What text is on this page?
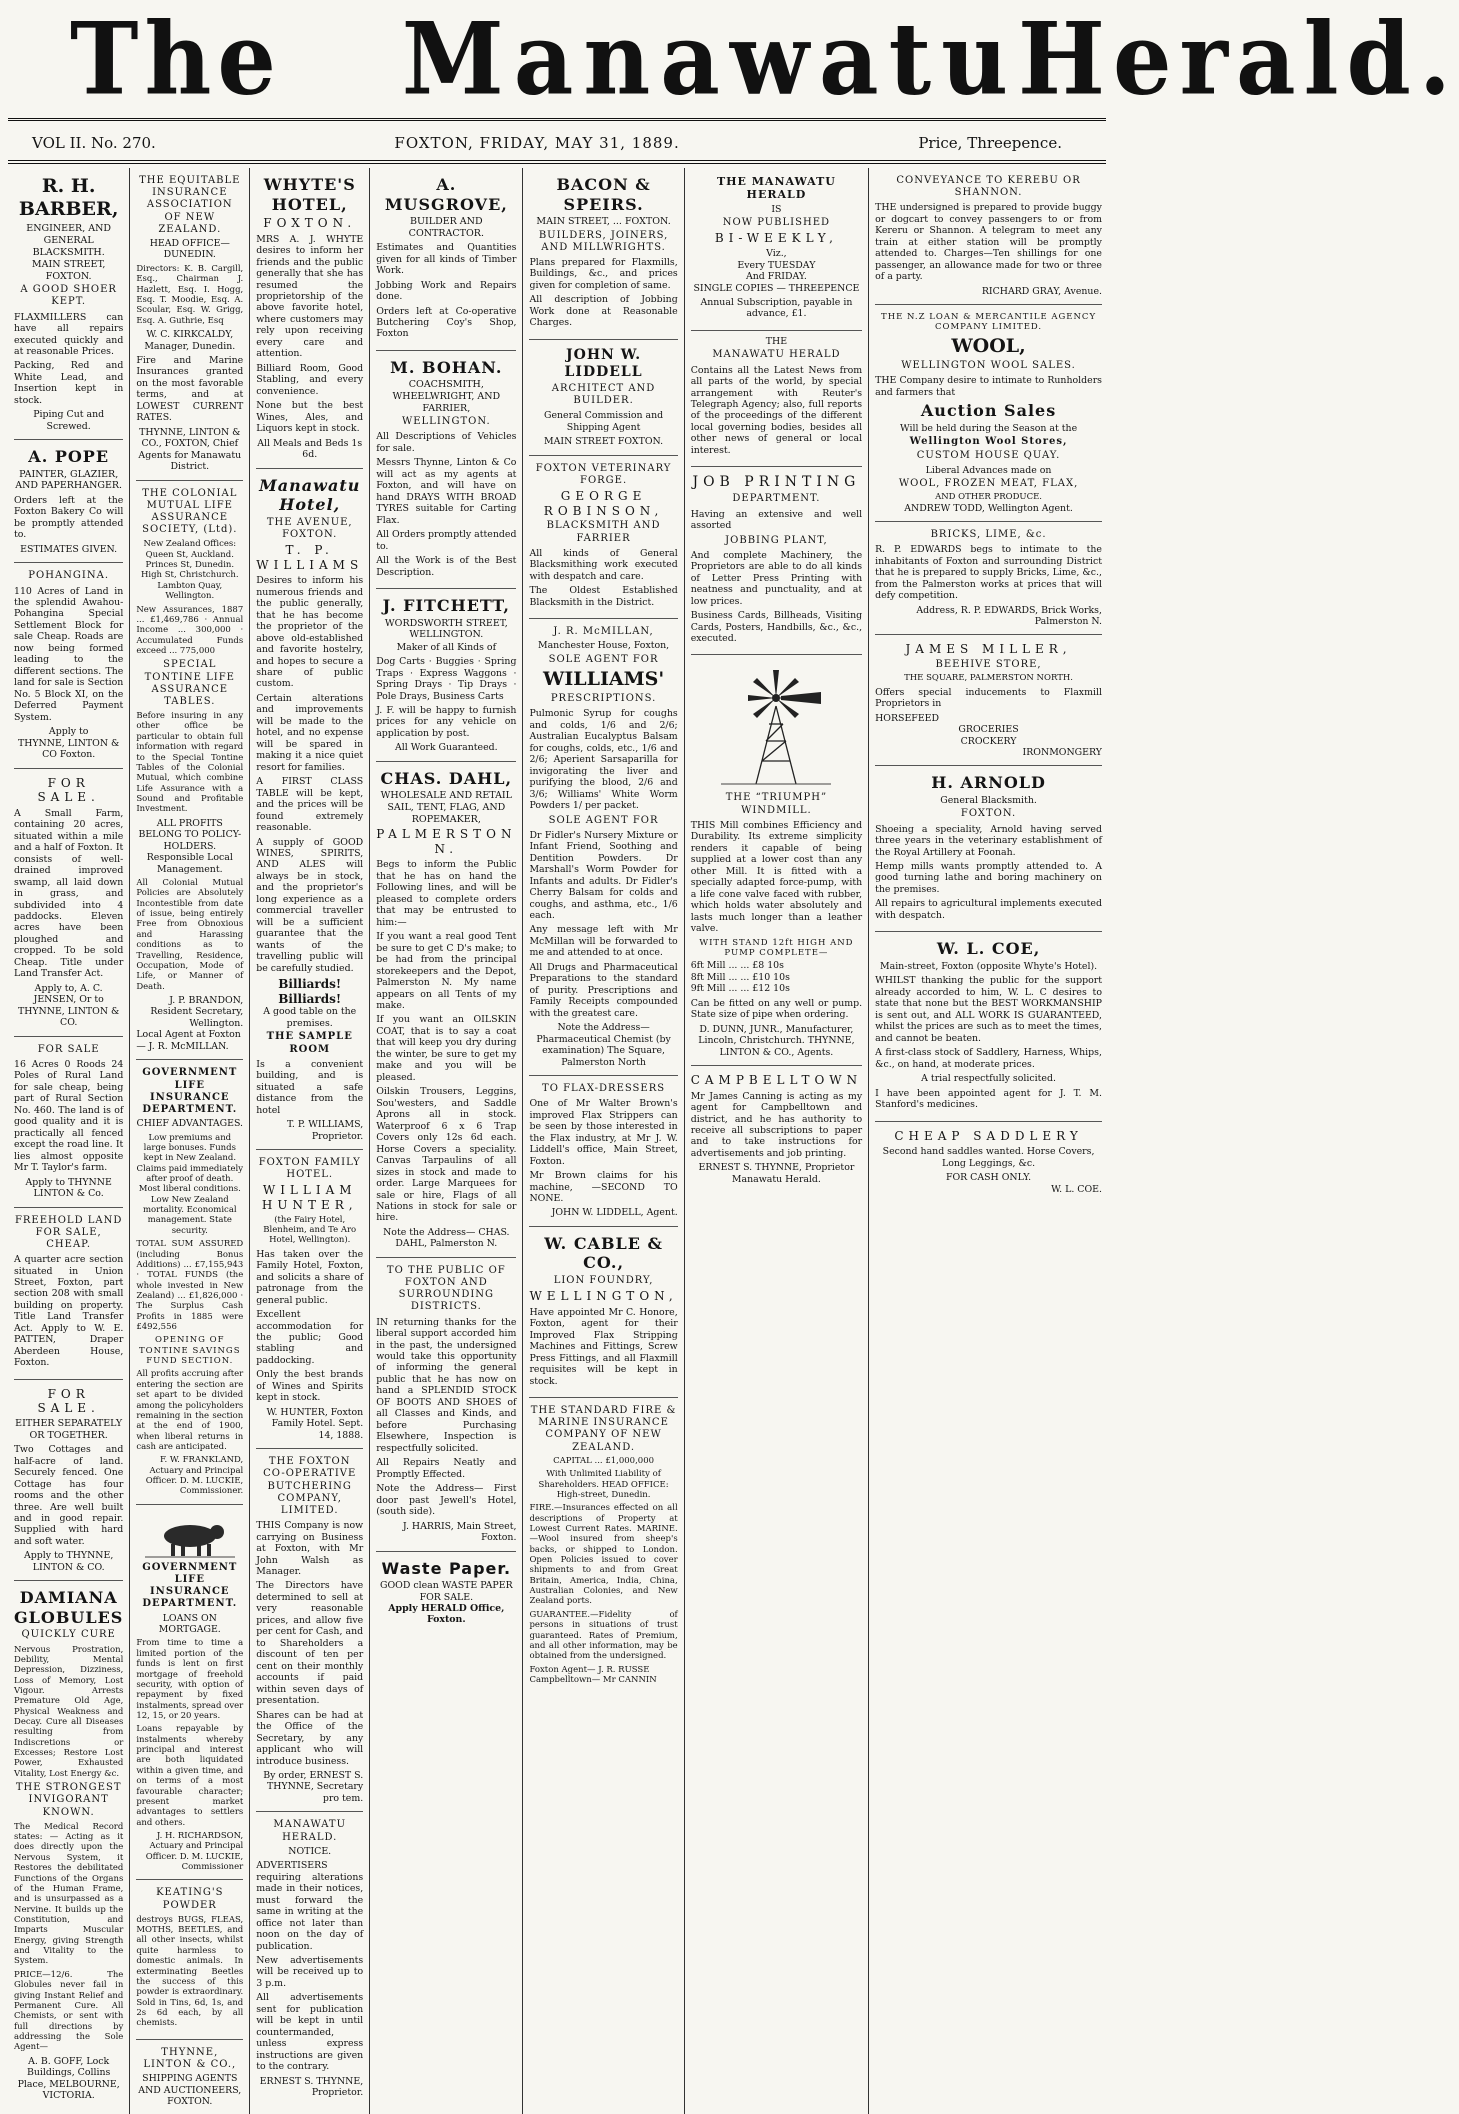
The Manawatu Herald.
VOL II. No. 270.	FOXTON, FRIDAY, MAY 31, 1889.	Price, Threepence.
R. H. BARBER,
ENGINEER, AND GENERAL BLACKSMITH.
MAIN STREET, FOXTON.
A GOOD SHOER KEPT.

FLAXMILLERS can have all repairs executed quickly and at reasonable Prices.

Packing, Red and White Lead, and Insertion kept in stock.

Piping Cut and Screwed.
A. POPE
PAINTER, GLAZIER, AND PAPERHANGER.

Orders left at the Foxton Bakery Co will be promptly attended to.

ESTIMATES GIVEN.
POHANGINA.

110 Acres of Land in the splendid Awahou-Pohangina Special Settlement Block for sale Cheap. Roads are now being formed leading to the different sections. The land for sale is Section No. 5 Block XI, on the Deferred Payment System.

Apply to
THYNNE, LINTON & CO Foxton.
FOR SALE.

A Small Farm, containing 20 acres, situated within a mile and a half of Foxton. It consists of well-drained improved swamp, all laid down in grass, and subdivided into 4 paddocks. Eleven acres have been ploughed and cropped. To be sold Cheap. Title under Land Transfer Act.

Apply to, A. C. JENSEN, Or to THYNNE, LINTON & CO.
FOR SALE

16 Acres 0 Roods 24 Poles of Rural Land for sale cheap, being part of Rural Section No. 460. The land is of good quality and it is practically all fenced except the road line. It lies almost opposite Mr T. Taylor's farm.

Apply to THYNNE LINTON & Co.
FREEHOLD LAND FOR SALE, CHEAP.

A quarter acre section situated in Union Street, Foxton, part section 208 with small building on property. Title Land Transfer Act. Apply to W. E. PATTEN, Draper Aberdeen House, Foxton.

FOR SALE.
EITHER SEPARATELY OR TOGETHER.

Two Cottages and half-acre of land. Securely fenced. One Cottage has four rooms and the other three. Are well built and in good repair. Supplied with hard and soft water.

Apply to THYNNE, LINTON & CO.
DAMIANA GLOBULES
QUICKLY CURE

Nervous Prostration, Debility, Mental Depression, Dizziness, Loss of Memory, Lost Vigour. Arrests Premature Old Age, Physical Weakness and Decay. Cure all Diseases resulting from Indiscretions or Excesses; Restore Lost Power, Exhausted Vitality, Lost Energy &c.

THE STRONGEST INVIGORANT KNOWN.

The Medical Record states: — Acting as it does directly upon the Nervous System, it Restores the debilitated Functions of the Organs of the Human Frame, and is unsurpassed as a Nervine. It builds up the Constitution, and Imparts Muscular Energy, giving Strength and Vitality to the System.

PRICE—12/6. The Globules never fail in giving Instant Relief and Permanent Cure. All Chemists, or sent with full directions by addressing the Sole Agent—

A. B. GOFF, Lock Buildings, Collins Place, MELBOURNE, VICTORIA.
THE EQUITABLE INSURANCE ASSOCIATION OF NEW ZEALAND.
HEAD OFFICE—DUNEDIN.

Directors: K. B. Cargill, Esq., Chairman J. Hazlett, Esq. I. Hogg, Esq. T. Moodie, Esq. A. Scoular, Esq. W. Grigg, Esq. A. Guthrie, Esq

W. C. KIRKCALDY, Manager, Dunedin.

Fire and Marine Insurances granted on the most favorable terms, and at LOWEST CURRENT RATES.

THYNNE, LINTON & CO., FOXTON, Chief Agents for Manawatu District.
THE COLONIAL MUTUAL LIFE ASSURANCE SOCIETY, (Ltd).

New Zealand Offices: Queen St, Auckland. Princes St, Dunedin. High St, Christchurch. Lambton Quay, Wellington.

New Assurances, 1887 ... £1,469,786 · Annual Income ... 300,000 · Accumulated Funds exceed ... 775,000

SPECIAL TONTINE LIFE ASSURANCE TABLES.

Before insuring in any other office be particular to obtain full information with regard to the Special Tontine Tables of the Colonial Mutual, which combine Life Assurance with a Sound and Profitable Investment.

ALL PROFITS BELONG TO POLICY-HOLDERS.
Responsible Local Management.

All Colonial Mutual Policies are Absolutely Incontestible from date of issue, being entirely Free from Obnoxious and Harassing conditions as to Travelling, Residence, Occupation, Mode of Life, or Manner of Death.

J. P. BRANDON, Resident Secretary, Wellington.
Local Agent at Foxton— J. R. McMILLAN.
GOVERNMENT LIFE INSURANCE DEPARTMENT.
CHIEF ADVANTAGES.

Low premiums and large bonuses. Funds kept in New Zealand. Claims paid immediately after proof of death. Most liberal conditions. Low New Zealand mortality. Economical management. State security.

TOTAL SUM ASSURED (including Bonus Additions) ... £7,155,943 · TOTAL FUNDS (the whole invested in New Zealand) ... £1,826,000 · The Surplus Cash Profits in 1885 were £492,556

OPENING OF TONTINE SAVINGS FUND SECTION.

All profits accruing after entering the section are set apart to be divided among the policyholders remaining in the section at the end of 1900, when liberal returns in cash are anticipated.

F. W. FRANKLAND, Actuary and Principal Officer. D. M. LUCKIE, Commissioner.
GOVERNMENT LIFE INSURANCE DEPARTMENT.
LOANS ON MORTGAGE.

From time to time a limited portion of the funds is lent on first mortgage of freehold security, with option of repayment by fixed instalments, spread over 12, 15, or 20 years.

Loans repayable by instalments whereby principal and interest are both liquidated within a given time, and on terms of a most favourable character; present market advantages to settlers and others.

J. H. RICHARDSON, Actuary and Principal Officer. D. M. LUCKIE, Commissioner
KEATING'S POWDER

destroys BUGS, FLEAS, MOTHS, BEETLES, and all other insects, whilst quite harmless to domestic animals. In exterminating Beetles the success of this powder is extraordinary. Sold in Tins, 6d, 1s, and 2s 6d each, by all chemists.

THYNNE, LINTON & CO.,
SHIPPING AGENTS AND AUCTIONEERS, FOXTON.
WHYTE'S HOTEL,
FOXTON.

MRS A. J. WHYTE desires to inform her friends and the public generally that she has resumed the proprietorship of the above favorite hotel, where customers may rely upon receiving every care and attention.

Billiard Room, Good Stabling, and every convenience.

None but the best Wines, Ales, and Liquors kept in stock.

All Meals and Beds 1s 6d.
Manawatu Hotel,
THE AVENUE, FOXTON.
T. P. WILLIAMS

Desires to inform his numerous friends and the public generally, that he has become the proprietor of the above old-established and favorite hostelry, and hopes to secure a share of public custom.

Certain alterations and improvements will be made to the hotel, and no expense will be spared in making it a nice quiet resort for families.

A FIRST CLASS TABLE will be kept, and the prices will be found extremely reasonable.

A supply of GOOD WINES, SPIRITS, AND ALES will always be in stock, and the proprietor's long experience as a commercial traveller will be a sufficient guarantee that the wants of the travelling public will be carefully studied.

Billiards! Billiards!
A good table on the premises.
THE SAMPLE ROOM

Is a convenient building, and is situated a safe distance from the hotel

T. P. WILLIAMS, Proprietor.
FOXTON FAMILY HOTEL.
WILLIAM HUNTER,
(the Fairy Hotel, Blenheim, and Te Aro Hotel, Wellington).

Has taken over the Family Hotel, Foxton, and solicits a share of patronage from the general public.

Excellent accommodation for the public; Good stabling and paddocking.

Only the best brands of Wines and Spirits kept in stock.

W. HUNTER, Foxton Family Hotel. Sept. 14, 1888.
THE FOXTON CO-OPERATIVE BUTCHERING COMPANY, LIMITED.

THIS Company is now carrying on Business at Foxton, with Mr John Walsh as Manager.

The Directors have determined to sell at very reasonable prices, and allow five per cent for Cash, and to Shareholders a discount of ten per cent on their monthly accounts if paid within seven days of presentation.

Shares can be had at the Office of the Secretary, by any applicant who will introduce business.

By order, ERNEST S. THYNNE, Secretary pro tem.
MANAWATU HERALD.
NOTICE.

ADVERTISERS requiring alterations made in their notices, must forward the same in writing at the office not later than noon on the day of publication.

New advertisements will be received up to 3 p.m.

All advertisements sent for publication will be kept in until countermanded, unless express instructions are given to the contrary.

ERNEST S. THYNNE, Proprietor.
A. MUSGROVE,
BUILDER AND CONTRACTOR.

Estimates and Quantities given for all kinds of Timber Work.

Jobbing Work and Repairs done.

Orders left at Co-operative Butchering Coy's Shop, Foxton

M. BOHAN.
COACHSMITH, WHEELWRIGHT, AND FARRIER,
WELLINGTON.

All Descriptions of Vehicles for sale.

Messrs Thynne, Linton & Co will act as my agents at Foxton, and will have on hand DRAYS WITH BROAD TYRES suitable for Carting Flax.

All Orders promptly attended to.

All the Work is of the Best Description.

J. FITCHETT,
WORDSWORTH STREET, WELLINGTON.
Maker of all Kinds of

Dog Carts · Buggies · Spring Traps · Express Waggons · Spring Drays · Tip Drays · Pole Drays, Business Carts

J. F. will be happy to furnish prices for any vehicle on application by post.

All Work Guaranteed.
CHAS. DAHL,
WHOLESALE AND RETAIL SAIL, TENT, FLAG, AND ROPEMAKER,
PALMERSTON N.

Begs to inform the Public that he has on hand the Following lines, and will be pleased to complete orders that may be entrusted to him:—

If you want a real good Tent be sure to get C D's make; to be had from the principal storekeepers and the Depot, Palmerston N. My name appears on all Tents of my make.

If you want an OILSKIN COAT, that is to say a coat that will keep you dry during the winter, be sure to get my make and you will be pleased.

Oilskin Trousers, Leggins, Sou'westers, and Saddle Aprons all in stock. Waterproof 6 x 6 Trap Covers only 12s 6d each. Horse Covers a speciality. Canvas Tarpaulins of all sizes in stock and made to order. Large Marquees for sale or hire, Flags of all Nations in stock for sale or hire.

Note the Address— CHAS. DAHL, Palmerston N.
TO THE PUBLIC OF FOXTON AND SURROUNDING DISTRICTS.

IN returning thanks for the liberal support accorded him in the past, the undersigned would take this opportunity of informing the general public that he has now on hand a SPLENDID STOCK OF BOOTS AND SHOES of all Classes and Kinds, and before Purchasing Elsewhere, Inspection is respectfully solicited.

All Repairs Neatly and Promptly Effected.

Note the Address— First door past Jewell's Hotel, (south side).

J. HARRIS, Main Street, Foxton.
Waste Paper.
GOOD clean WASTE PAPER FOR SALE.
Apply HERALD Office, Foxton.
BACON & SPEIRS.
MAIN STREET, ... FOXTON.
BUILDERS, JOINERS, AND MILLWRIGHTS.

Plans prepared for Flaxmills, Buildings, &c., and prices given for completion of same.

All description of Jobbing Work done at Reasonable Charges.

JOHN W. LIDDELL
ARCHITECT AND BUILDER.

General Commission and Shipping Agent

MAIN STREET FOXTON.
FOXTON VETERINARY FORGE.
GEORGE ROBINSON,
BLACKSMITH AND FARRIER

All kinds of General Blacksmithing work executed with despatch and care.

The Oldest Established Blacksmith in the District.

J. R. McMILLAN,
Manchester House, Foxton,
SOLE AGENT FOR
WILLIAMS'
PRESCRIPTIONS.

Pulmonic Syrup for coughs and colds, 1/6 and 2/6; Australian Eucalyptus Balsam for coughs, colds, etc., 1/6 and 2/6; Aperient Sarsaparilla for invigorating the liver and purifying the blood, 2/6 and 3/6; Williams' White Worm Powders 1/ per packet.

SOLE AGENT FOR

Dr Fidler's Nursery Mixture or Infant Friend, Soothing and Dentition Powders. Dr Marshall's Worm Powder for Infants and adults. Dr Fidler's Cherry Balsam for colds and coughs, and asthma, etc., 1/6 each.

Any message left with Mr McMillan will be forwarded to me and attended to at once.

All Drugs and Pharmaceutical Preparations to the standard of purity. Prescriptions and Family Receipts compounded with the greatest care.

Note the Address— Pharmaceutical Chemist (by examination) The Square, Palmerston North
TO FLAX-DRESSERS

One of Mr Walter Brown's improved Flax Strippers can be seen by those interested in the Flax industry, at Mr J. W. Liddell's office, Main Street, Foxton.

Mr Brown claims for his machine, —SECOND TO NONE.

JOHN W. LIDDELL, Agent.
W. CABLE & CO.,
LION FOUNDRY,
WELLINGTON,

Have appointed Mr C. Honore, Foxton, agent for their Improved Flax Stripping Machines and Fittings, Screw Press Fittings, and all Flaxmill requisites will be kept in stock.

THE STANDARD FIRE & MARINE INSURANCE COMPANY OF NEW ZEALAND.
CAPITAL ... £1,000,000

With Unlimited Liability of Shareholders. HEAD OFFICE: High-street, Dunedin.

FIRE.—Insurances effected on all descriptions of Property at Lowest Current Rates. MARINE.—Wool insured from sheep's backs, or shipped to London. Open Policies issued to cover shipments to and from Great Britain, America, India, China, Australian Colonies, and New Zealand ports.

GUARANTEE.—Fidelity of persons in situations of trust guaranteed. Rates of Premium, and all other information, may be obtained from the undersigned.

Foxton Agent— J. R. RUSSE Campbelltown— Mr CANNIN
THE MANAWATU HERALD
IS
NOW PUBLISHED
BI-WEEKLY,
Viz.,
Every TUESDAY
And FRIDAY.
SINGLE COPIES — THREEPENCE

Annual Subscription, payable in advance, £1.

THE
MANAWATU HERALD

Contains all the Latest News from all parts of the world, by special arrangement with Reuter's Telegraph Agency; also, full reports of the proceedings of the different local governing bodies, besides all other news of general or local interest.

JOB PRINTING
DEPARTMENT.

Having an extensive and well assorted

JOBBING PLANT,

And complete Machinery, the Proprietors are able to do all kinds of Letter Press Printing with neatness and punctuality, and at low prices.

Business Cards, Billheads, Visiting Cards, Posters, Handbills, &c., &c., executed.

THE “TRIUMPH” WINDMILL.

THIS Mill combines Efficiency and Durability. Its extreme simplicity renders it capable of being supplied at a lower cost than any other Mill. It is fitted with a specially adapted force-pump, with a life cone valve faced with rubber, which holds water absolutely and lasts much longer than a leather valve.

WITH STAND 12ft HIGH AND PUMP COMPLETE—
6ft Mill ... ... £8 10s
8ft Mill ... ... £10 10s
9ft Mill ... ... £12 10s

Can be fitted on any well or pump. State size of pipe when ordering.

D. DUNN, JUNR., Manufacturer, Lincoln, Christchurch. THYNNE, LINTON & CO., Agents.
CAMPBELLTOWN

Mr James Canning is acting as my agent for Campbelltown and district, and he has authority to receive all subscriptions to paper and to take instructions for advertisements and job printing.

ERNEST S. THYNNE, Proprietor Manawatu Herald.
CONVEYANCE TO KEREBU OR SHANNON.

THE undersigned is prepared to provide buggy or dogcart to convey passengers to or from Kereru or Shannon. A telegram to meet any train at either station will be promptly attended to. Charges—Ten shillings for one passenger, an allowance made for two or three of a party.

RICHARD GRAY, Avenue.
THE N.Z LOAN & MERCANTILE AGENCY COMPANY LIMITED.
WOOL,
WELLINGTON WOOL SALES.

THE Company desire to intimate to Runholders and farmers that

Auction Sales
Will be held during the Season at the
Wellington Wool Stores,
CUSTOM HOUSE QUAY.
Liberal Advances made on
WOOL, FROZEN MEAT, FLAX,
AND OTHER PRODUCE.
ANDREW TODD, Wellington Agent.
BRICKS, LIME, &c.

R. P. EDWARDS begs to intimate to the inhabitants of Foxton and surrounding District that he is prepared to supply Bricks, Lime, &c., from the Palmerston works at prices that will defy competition.

Address, R. P. EDWARDS, Brick Works, Palmerston N.
JAMES MILLER,
BEEHIVE STORE,
THE SQUARE, PALMERSTON NORTH.

Offers special inducements to Flaxmill Proprietors in

HORSEFEED
GROCERIES
CROCKERY
IRONMONGERY
H. ARNOLD
General Blacksmith.
FOXTON.

Shoeing a speciality, Arnold having served three years in the veterinary establishment of the Royal Artillery at Foonah.

Hemp mills wants promptly attended to. A good turning lathe and boring machinery on the premises.

All repairs to agricultural implements executed with despatch.

W. L. COE,
Main-street, Foxton (opposite Whyte's Hotel).

WHILST thanking the public for the support already accorded to him, W. L. C desires to state that none but the BEST WORKMANSHIP is sent out, and ALL WORK IS GUARANTEED, whilst the prices are such as to meet the times, and cannot be beaten.

A first-class stock of Saddlery, Harness, Whips, &c., on hand, at moderate prices.

A trial respectfully solicited.

I have been appointed agent for J. T. M. Stanford's medicines.

CHEAP SADDLERY

Second hand saddles wanted. Horse Covers, Long Leggings, &c.

FOR CASH ONLY.
W. L. COE.
